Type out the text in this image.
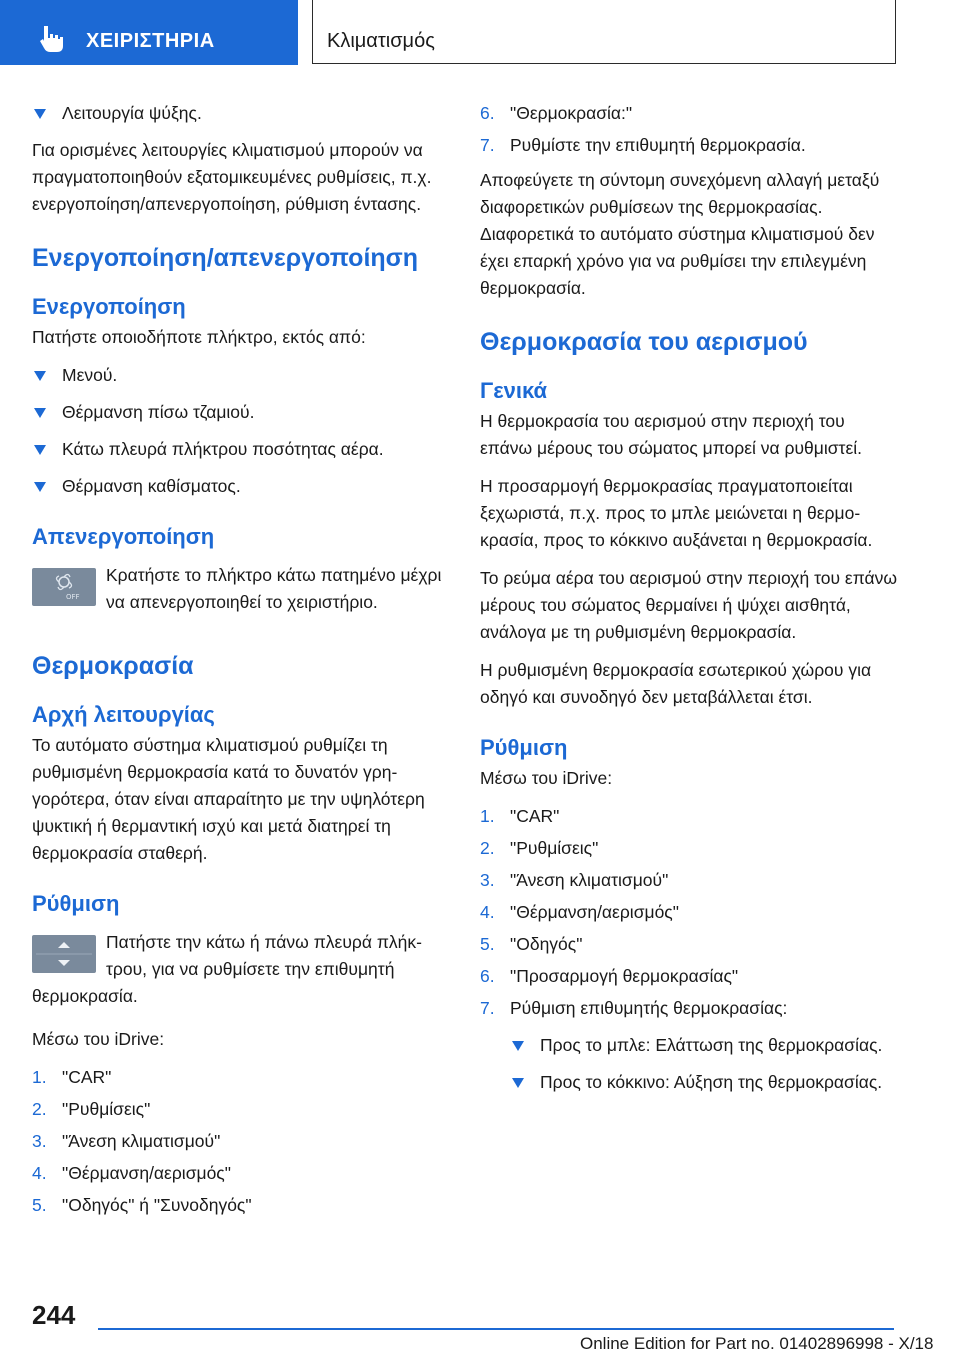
ΧΕΙΡΙΣΤΗΡΙΑ	Κλιματισμός
Λειτουργία ψύξης.

Για ορισμένες λειτουργίες κλιματισμού μπορούν να πραγματοποιηθούν εξατομικευμένες ρυθμίσεις, π.χ. ενεργοποίηση/απενεργοποίηση, ρύθμιση έντασης.

Ενεργοποίηση/απενεργοποίηση
Ενεργοποίηση

Πατήστε οποιοδήποτε πλήκτρο, εκτός από:

Μενού.
Θέρμανση πίσω τζαμιού.
Κάτω πλευρά πλήκτρου ποσότητας αέρα.
Θέρμανση καθίσματος.
Απενεργοποίηση
OFF

Κρατήστε το πλήκτρο κάτω πατημένο μέχρι να απενεργοποιηθεί το χειριστήριο.

Θερμοκρασία
Αρχή λειτουργίας

Το αυτόματο σύστημα κλιματισμού ρυθμίζει τη ρυθμισμένη θερμοκρασία κατά το δυνατόν γρηγορότερα, όταν είναι απαραίτητο με την υψηλότερη ψυκτική ή θερμαντική ισχύ και μετά διατηρεί τη θερμοκρασία σταθερή.

Ρύθμιση

Πατήστε την κάτω ή πάνω πλευρά πλήκτρου, για να ρυθμίσετε την επιθυμητή θερμοκρασία.

Μέσω του iDrive:

1. "CAR"
2. "Ρυθμίσεις"
3. "Άνεση κλιματισμού"
4. "Θέρμανση/αερισμός"
5. "Οδηγός" ή "Συνοδηγός"
6. "Θερμοκρασία:"
7. Ρυθμίστε την επιθυμητή θερμοκρασία.

Αποφεύγετε τη σύντομη συνεχόμενη αλλαγή μεταξύ διαφορετικών ρυθμίσεων της θερμοκρασίας. Διαφορετικά το αυτόματο σύστημα κλιματισμού δεν έχει επαρκή χρόνο για να ρυθμίσει την επιλεγμένη θερμοκρασία.

Θερμοκρασία του αερισμού
Γενικά

Η θερμοκρασία του αερισμού στην περιοχή του επάνω μέρους του σώματος μπορεί να ρυθμιστεί.

Η προσαρμογή θερμοκρασίας πραγματοποιείται ξεχωριστά, π.χ. προς το μπλε μειώνεται η θερμοκρασία, προς το κόκκινο αυξάνεται η θερμοκρασία.

Το ρεύμα αέρα του αερισμού στην περιοχή του επάνω μέρους του σώματος θερμαίνει ή ψύχει αισθητά, ανάλογα με τη ρυθμισμένη θερμοκρασία.

Η ρυθμισμένη θερμοκρασία εσωτερικού χώρου για οδηγό και συνοδηγό δεν μεταβάλλεται έτσι.

Ρύθμιση

Μέσω του iDrive:

1. "CAR"
2. "Ρυθμίσεις"
3. "Άνεση κλιματισμού"
4. "Θέρμανση/αερισμός"
5. "Οδηγός"
6. "Προσαρμογή θερμοκρασίας"
7. Ρύθμιση επιθυμητής θερμοκρασίας:
Προς το μπλε: Ελάττωση της θερμοκρασίας.
Προς το κόκκινο: Αύξηση της θερμοκρασίας.
244
Online Edition for Part no. 01402896998 - X/18
